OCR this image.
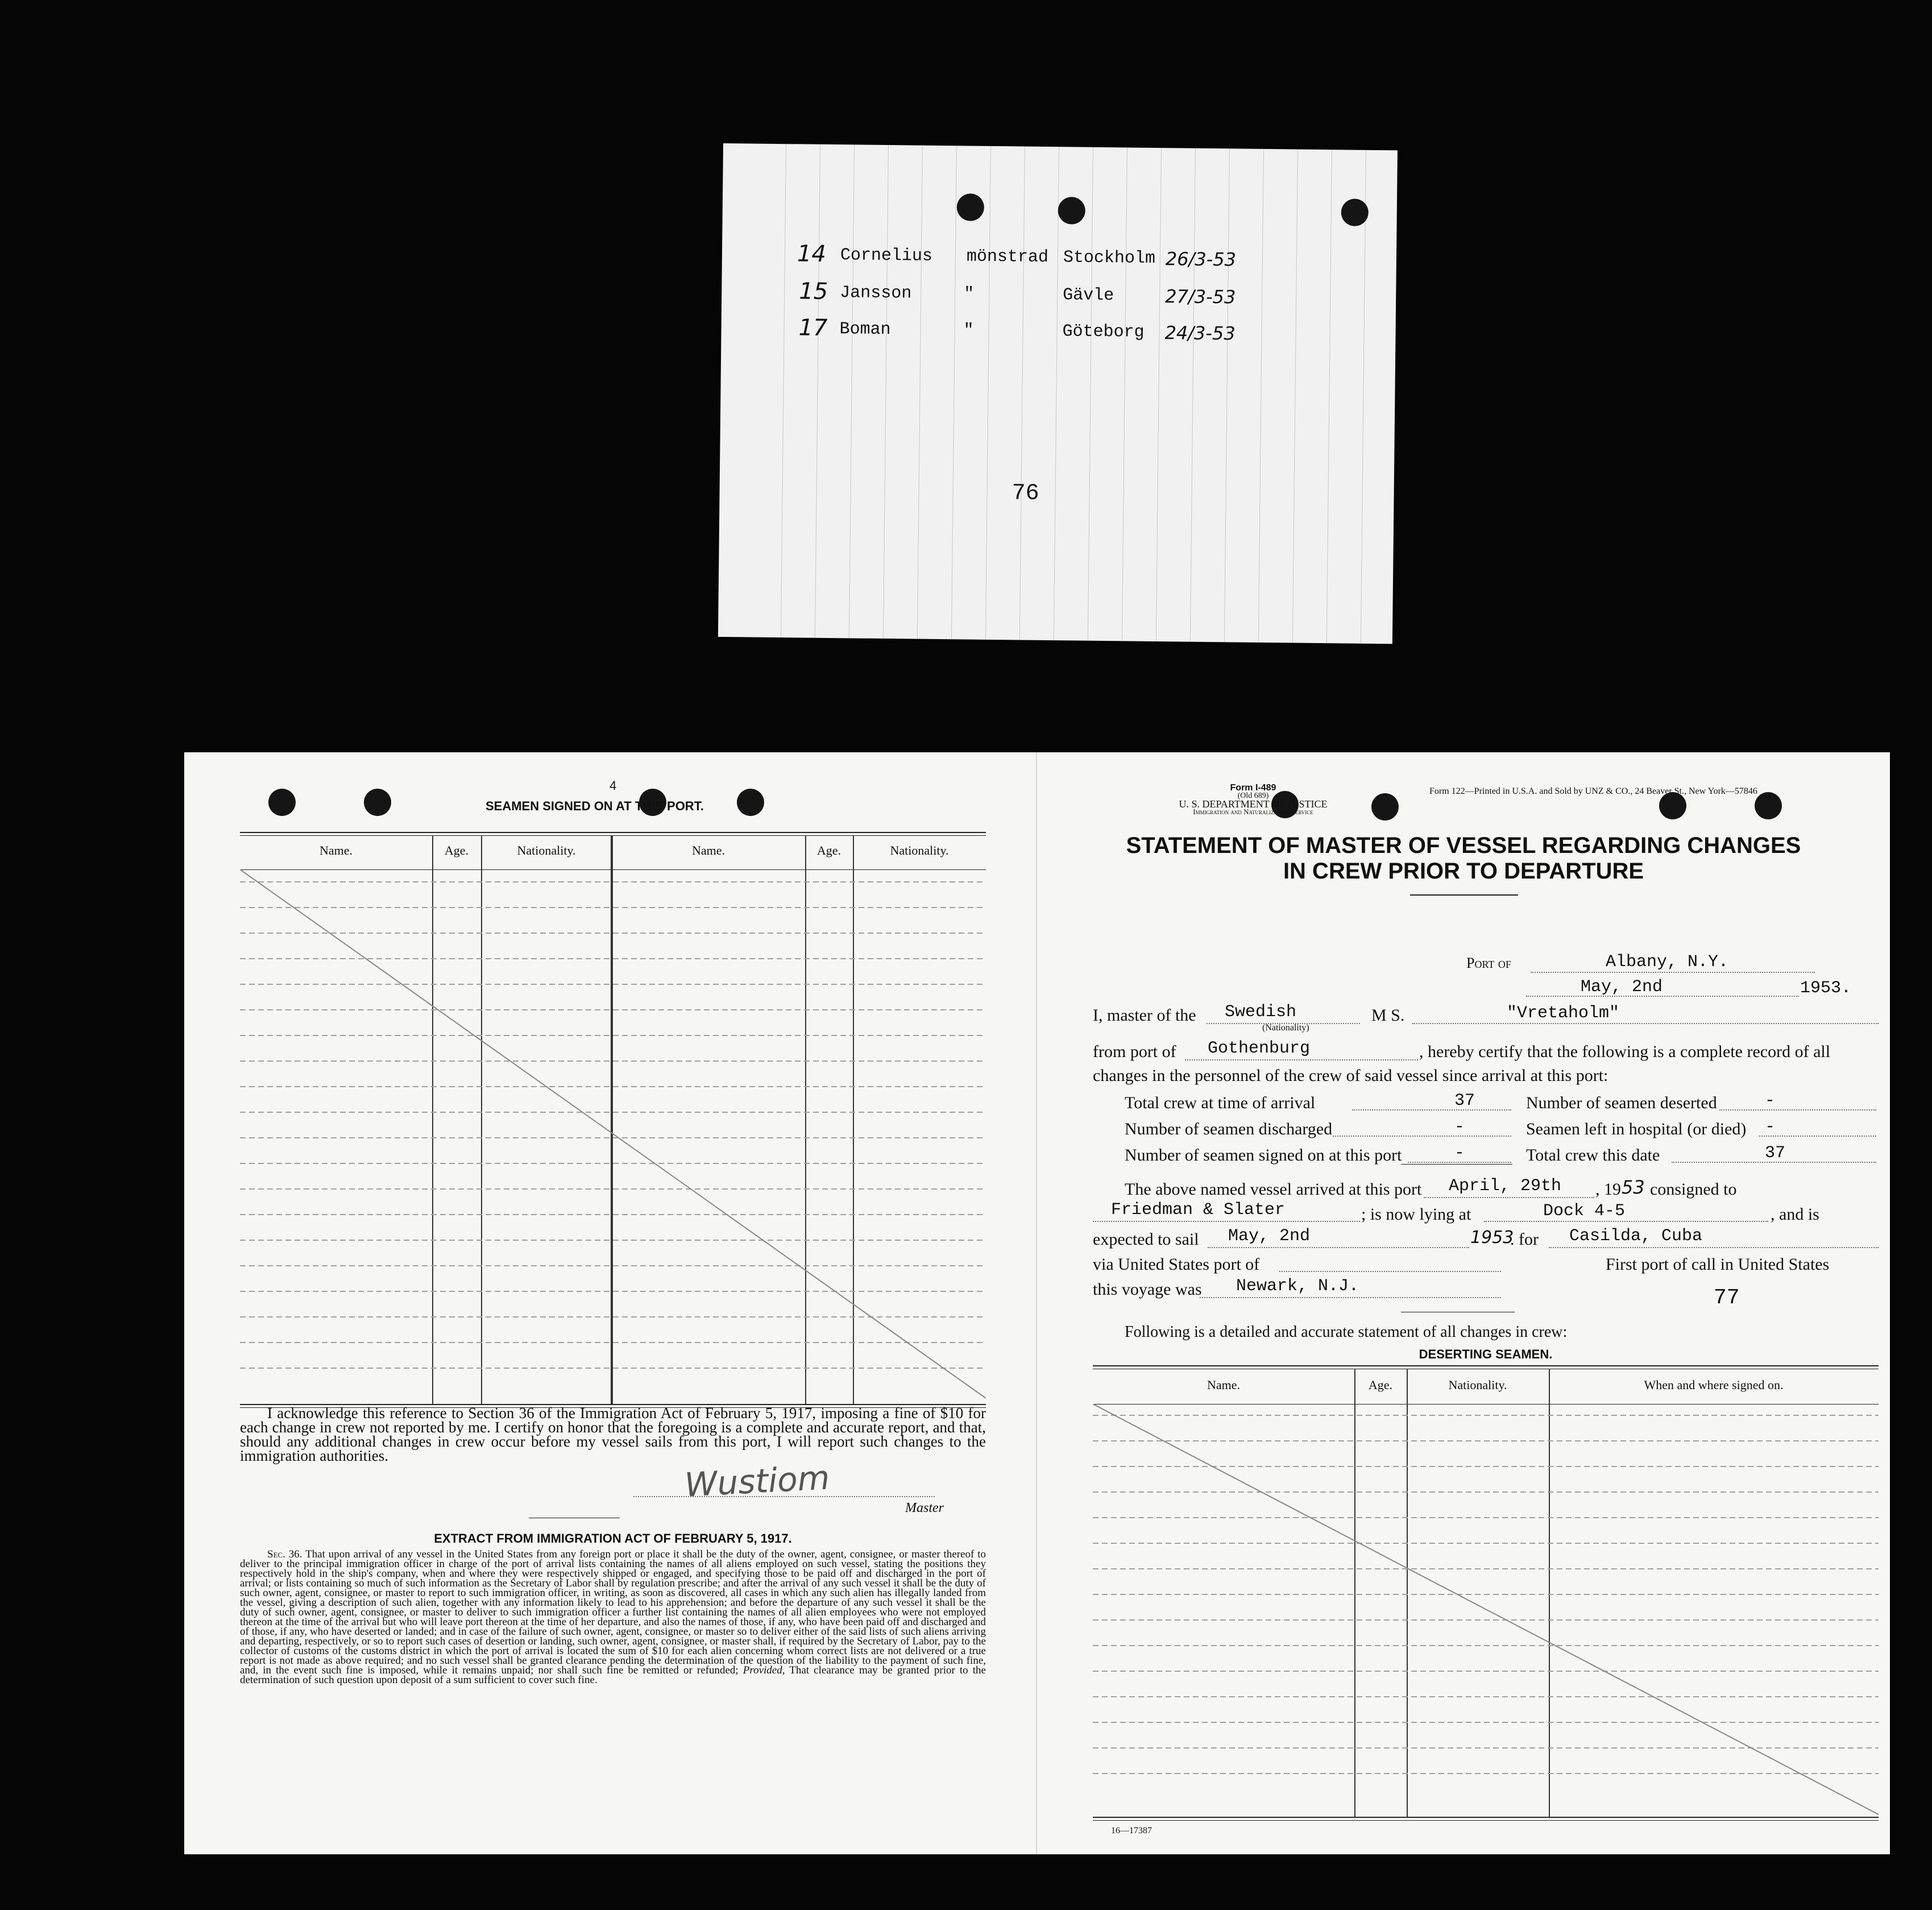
14 Cornelius mönstrad Stockholm 26/3-53
15 Jansson	"	Gävle	27/3-53
17 Boman	"	Göteborg 24/3-53
76
4
SEAMEN SIGNED ON AT THIS PORT.
Name.	Age.	Nationality.	Name.	Age.	Nationality.
I acknowledge this reference to Section 36 of the Immigration Act of February 5, 1917, imposing a fine of $10 for each change in crew not reported by me. I certify on honor that the foregoing is a complete and accurate report, and that, should any additional changes in crew occur before my vessel sails from this port, I will report such changes to the immigration authorities.
Wustiom
Master
EXTRACT FROM IMMIGRATION ACT OF FEBRUARY 5, 1917.
Sec. 36. That upon arrival of any vessel in the United States from any foreign port or place it shall be the duty of the owner, agent, consignee, or master thereof to deliver to the principal immigration officer in charge of the port of arrival lists containing the names of all aliens employed on such vessel, stating the positions they respectively hold in the ship's company, when and where they were respectively shipped or engaged, and specifying those to be paid off and discharged in the port of arrival; or lists containing so much of such information as the Secretary of Labor shall by regulation prescribe; and after the arrival of any such vessel it shall be the duty of such owner, agent, consignee, or master to report to such immigration officer, in writing, as soon as discovered, all cases in which any such alien has illegally landed from the vessel, giving a description of such alien, together with any information likely to lead to his apprehension; and before the departure of any such vessel it shall be the duty of such owner, agent, consignee, or master to deliver to such immigration officer a further list containing the names of all alien employees who were not employed thereon at the time of the arrival but who will leave port thereon at the time of her departure, and also the names of those, if any, who have been paid off and discharged and of those, if any, who have deserted or landed; and in case of the failure of such owner, agent, consignee, or master so to deliver either of the said lists of such aliens arriving and departing, respectively, or so to report such cases of desertion or landing, such owner, agent, consignee, or master shall, if required by the Secretary of Labor, pay to the collector of customs of the customs district in which the port of arrival is located the sum of $10 for each alien concerning whom correct lists are not delivered or a true report is not made as above required; and no such vessel shall be granted clearance pending the determination of the question of the liability to the payment of such fine, and, in the event such fine is imposed, while it remains unpaid; nor shall such fine be remitted or refunded; Provided, That clearance may be granted prior to the determination of such question upon deposit of a sum sufficient to cover such fine.
Form I-489
(Old 689)
U. S. DEPARTMENT OF JUSTICE
Immigration and Naturalization Service
Form 122—Printed in U.S.A. and Sold by UNZ & CO., 24 Beaver St., New York—57846
STATEMENT OF MASTER OF VESSEL REGARDING CHANGES
IN CREW PRIOR TO DEPARTURE
Port of	Albany, N.Y.
May, 2nd	1953.
I, master of the Swedish
(Nationality)
M S.	"Vretaholm"
from port of Gothenburg	, hereby certify that the following is a complete record of all
changes in the personnel of the crew of said vessel since arrival at this port:
Total crew at time of arrival	37
Number of seamen discharged	-
Number of seamen signed on at this port	-
Number of seamen deserted	-
Seamen left in hospital (or died) -
Total crew this date	37
The above named vessel arrived at this port April, 29th , 19 53 consigned to
Friedman & Slater	; is now lying at	Dock 4-5	, and is
expected to sail May, 2nd	1953
. for Casilda, Cuba
via United States port of	First port of call in United States
this voyage was Newark, N.J.	77
Following is a detailed and accurate statement of all changes in crew:
DESERTING SEAMEN.
Name.	Age.	Nationality.	When and where signed on.
16—17387
